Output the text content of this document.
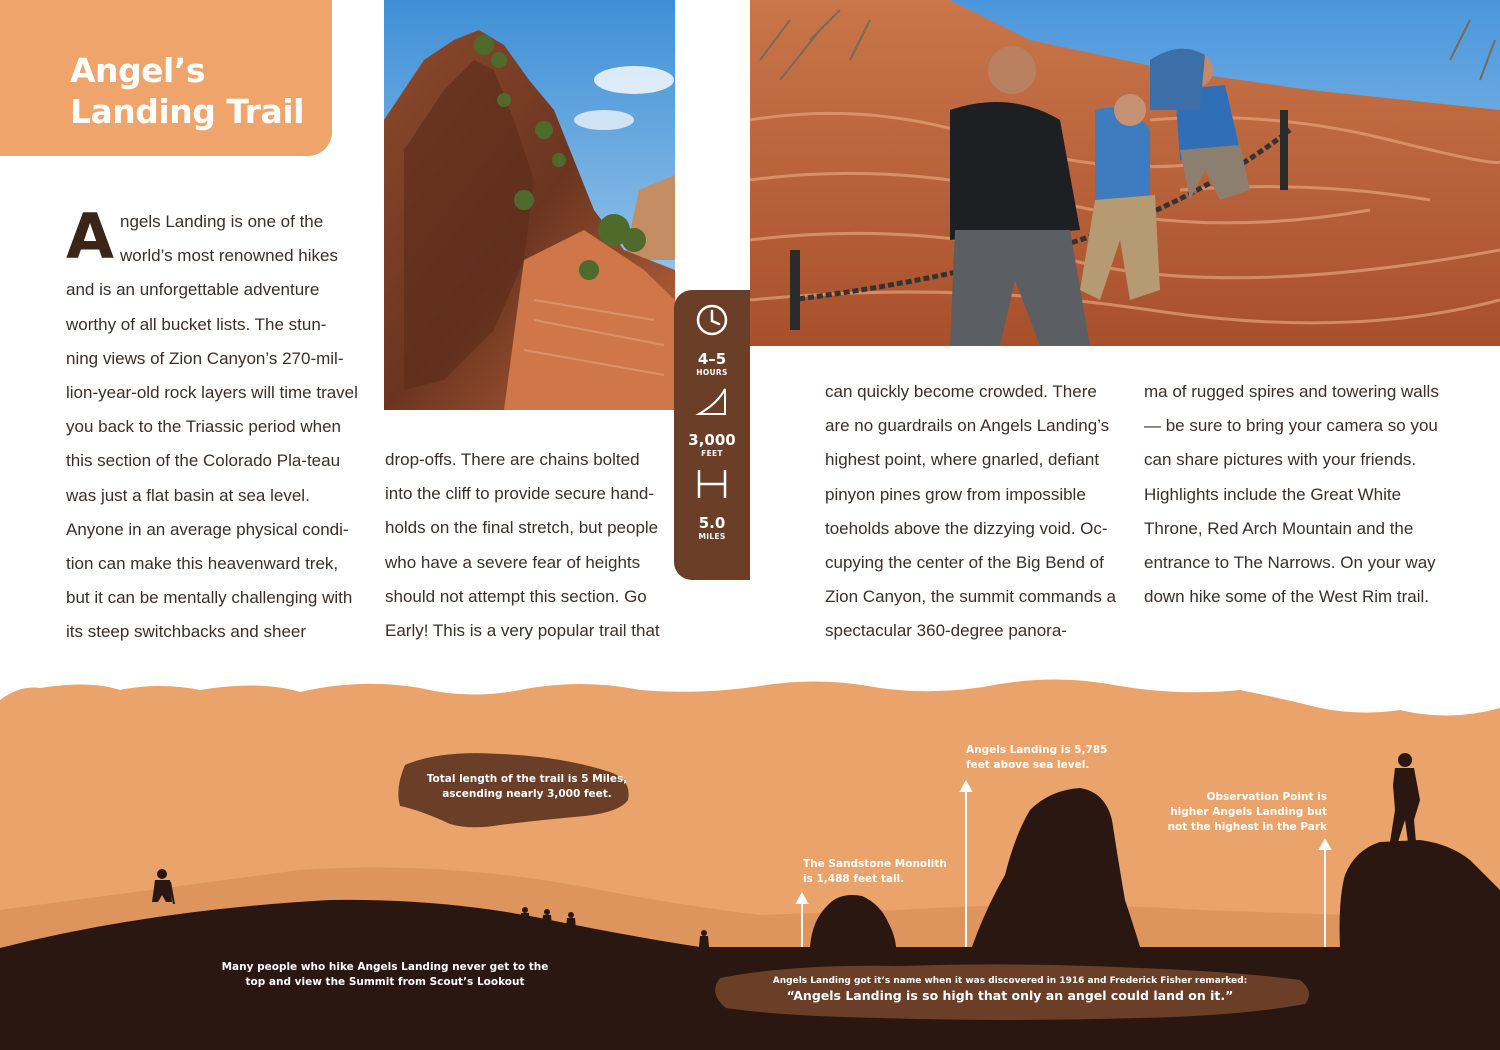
Angel’s
Landing Trail
Angels Landing is one of the world’s most renowned hikes and is an unforgettable adventure worthy of all bucket lists. The stun-ning views of Zion Canyon’s 270-mil-lion-year-old rock layers will time travel you back to the Triassic period when this section of the Colorado Pla-teau was just a flat basin at sea level. Anyone in an average physical condi-tion can make this heavenward trek, but it can be mentally challenging with its steep switchbacks and sheer
drop-offs. There are chains bolted into the cliff to provide secure hand-holds on the final stretch, but people who have a severe fear of heights should not attempt this section. Go Early! This is a very popular trail that
can quickly become crowded. There are no guardrails on Angels Landing’s highest point, where gnarled, defiant pinyon pines grow from impossible toeholds above the dizzying void. Oc-cupying the center of the Big Bend of Zion Canyon, the summit commands a spectacular 360-degree panora-
ma of rugged spires and towering walls — be sure to bring your camera so you can share pictures with your friends. Highlights include the Great White Throne, Red Arch Mountain and the entrance to The Narrows. On your way down hike some of the West Rim trail.
4–5
HOURS
3,000
FEET
5.0
MILES
Total length of the trail is 5 Miles, ascending nearly 3,000 feet.
Angels Landing is 5,785 feet above sea level.
Observation Point is higher Angels Landing but not the highest in the Park
The Sandstone Monolith is 1,488 feet tall.
Many people who hike Angels Landing never get to the top and view the Summit from Scout’s Lookout	Angels Landing got it’s name when it was discovered in 1916 and Frederick Fisher remarked:
“Angels Landing is so high that only an angel could land on it.”
